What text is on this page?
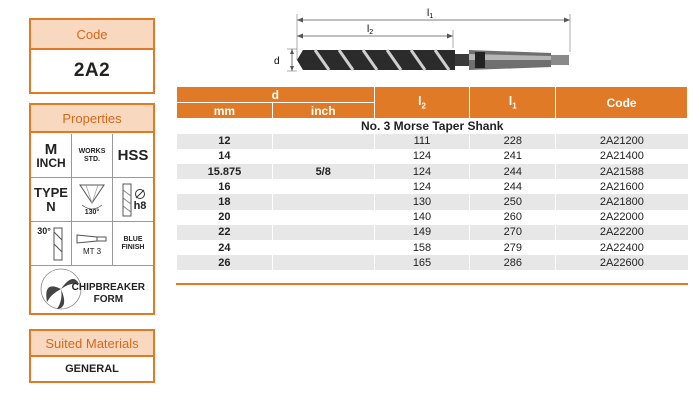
Code
2A2
Properties
M
INCH
WORKS
STD. HSS
TYPE
N	130°
h8
30°
MT 3
BLUE
FINISH
CHIPBREAKER
FORM
Suited Materials
GENERAL
$l_1$
$l_2$
d
d		$l_2$	$l_1$	Code
mm	inch			
No. 3 Morse Taper Shank				
12		111	228	2A21200
14		124	241	2A21400
15.875	5/8	124	244	2A21588
16		124	244	2A21600
18		130	250	2A21800
20		140	260	2A22000
22		149	270	2A22200
24		158	279	2A22400
26		165	286	2A22600
